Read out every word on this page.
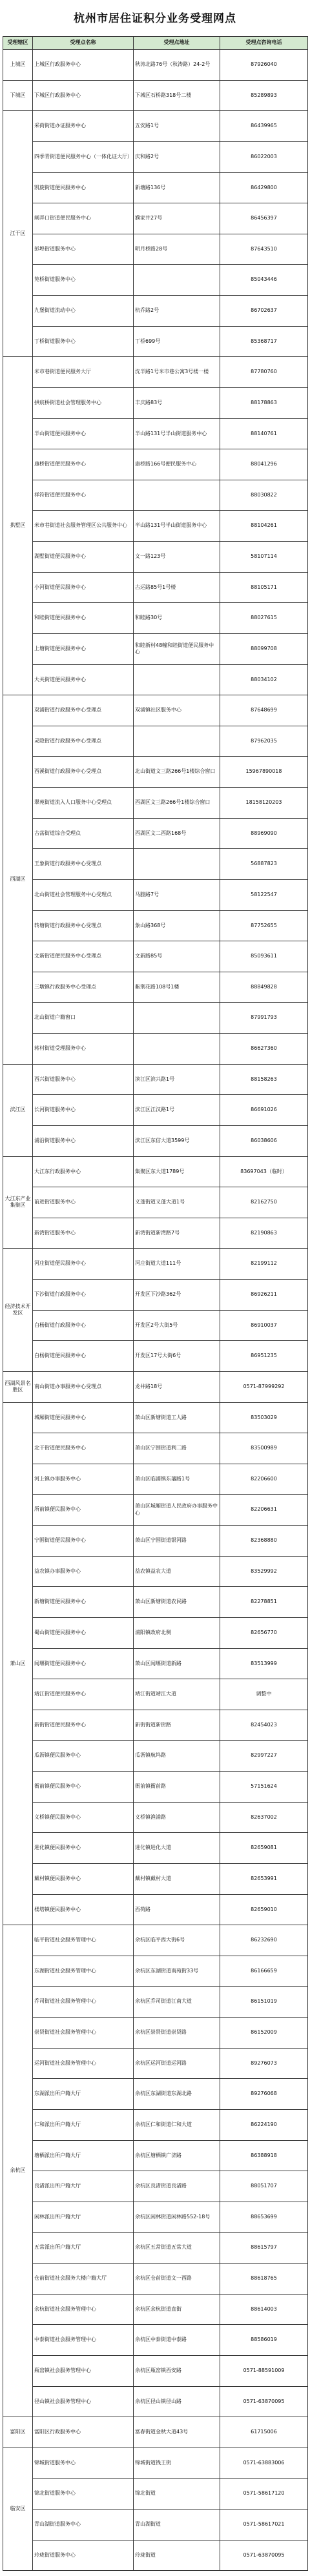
杭州市居住证积分业务受理网点
受理辖区	受理点名称	受理点地址	受理点咨询电话
上城区	上城区行政服务中心	秋涛北路76号（秋涛路）24-2号	87926040
下城区	下城区行政服务中心	下城区石桥路318号二楼	85289893
江干区	采荷街道办证服务中心	五安路1号	86439965
	四季青街道便民服务中心（一体化证大厅）	庆和路2号	86022003
	凯旋街道便民服务中心	新塘路136号	86429800
	闸弄口街道便民服务中心	濮家井27号	86456397
	彭埠街道服务中心	明月桥路28号	87643510
	笕桥街道服务中心		85043446
	九堡街道流动中心	杭乔路2号	86702637
	丁桥街道服务中心	丁桥699号	85368717
拱墅区	米市巷街道便民服务大厅	沈半路1号米市巷公寓3号楼一楼	87780760
	拱宸桥街道社会管理服务中心	丰庆路83号	88178863
	半山街道便民服务中心	半山路131号半山街道服务中心	88140761
	康桥街道便民服务中心	康桥路166号便民服务中心	88041296
	祥符街道便民服务中心		88030822
	米市巷街道社会服务管理区公共服务中心	半山路131号半山街道服务中心	88104261
	湖墅街道便民服务中心	文一路123号	58107114
	小河街道便民服务中心	古运路85号1号楼	88105171
	和睦街道便民服务中心	和睦路30号	88027615
	上塘街道便民服务中心	和睦新村48幢和睦街道便民服务中心	88099708
	大关街道便民服务中心		88034102
西湖区	双浦街道行政服务中心受理点	双浦镇社区服务中心	87648699
	灵隐街道行政服务中心受理点		87962035
	西溪街道行政服务中心受理点	北山街道文三路266号1楼综合窗口	15967890018
	翠苑街道流入人口服务中心受理点	西湖区文三路266号1楼综合窗口	18158120203
	古荡街道综合受理点	西湖区文二西路168号	88969090
	王象街道行政服务中心受理点		56887823
	北山街道社会管理服务中心受理点	马塍路7号	58122547
	转塘街道行政服务中心受理点	象山路368号	87752655
	文新街道便民服务中心受理点	文新路85号	85093611
	三墩镇行政服务中心受理点	紫荆花路108号1楼	88849828
	北山街道户籍窗口		87991793
	蒋村街道受理服务中心		86627360
滨江区	西兴街道服务中心	滨江区滨兴路1号	88158263
	长河街道服务中心	滨江区江汉路1号	86691026
	浦沿街道服务中心	滨江区东信大道3599号	86038606
大江东产业集聚区	大江东行政服务中心	集聚区东大道1789号	83697043（临时）
	前进街道服务中心	义蓬街道义蓬大道1号	82162750
	新湾街道服务中心	新湾街道新湾路7号	82190863
经济技术开发区	河庄街道便民服务中心	河庄街道大道111号	82199112
	下沙街道行政服务中心	开发区下沙路362号	86926211
	白杨街道行政服务中心	开发区2号大街5号	86910037
	白杨街道便民服务中心	开发区17号大街6号	86951235
西湖风景名胜区	南山街道办事服务中心受理点	龙井路18号	0571-87999292
萧山区	城厢街道便民服务中心	萧山区新塘街道工人路	83503029
	北干街道便民服务中心	萧山区宁围街道利二路	83500989
	河上镇办事服务中心	萧山区临浦镇东藩路1号	82206600
	所前镇便民服务中心	萧山区城厢街道人民政府办事服务中心	82206631
	宁围街道便民服务中心	萧山区宁围街道银河路	82368880
	益农镇办事服务中心	益农镇益农大道	83529992
	新塘街道便民服务中心	萧山区新塘街道农民路	82278851
	蜀山街道便民服务中心	浦阳镇政府北侧	82656770
	闻堰街道便民服务中心	萧山区闻堰街道新路	83513999
	靖江街道便民服务中心	靖江街道靖江大道	调整中
	新街街道便民服务中心	新街街道新街路	82454023
	瓜沥镇便民服务中心	瓜沥镇航坞路	82997227
	衙前镇便民服务中心	衙前镇衙前路	57151624
	义桥镇便民服务中心	义桥镇渔浦路	82637002
	进化镇便民服务中心	进化镇进化大道	82659081
	戴村镇便民服务中心	戴村镇戴村大道	82653991
	楼塔镇便民服务中心	西荷路	82659010
余杭区	临平街道社会服务管理中心	余杭区临平西大街6号	86232690
	东湖街道社会服务管理中心	余杭区东湖街道南苑街33号	86166659
	乔司街道社会服务管理中心	余杭区乔司街道江南大道	86151019
	崇贤街道社会服务管理中心	余杭区崇贤街道崇贤路	86152009
	运河街道社会服务管理中心	余杭区运河街道运河路	89276073
	东湖派出所户籍大厅	余杭区东湖街道东湖北路	89276068
	仁和派出所户籍大厅	余杭区仁和街道仁和大道	86224190
	塘栖派出所户籍大厅	余杭区塘栖镇广济路	86388918
	良渚派出所户籍大厅	余杭区良渚街道良渚路	88051707
	闲林派出所户籍大厅	余杭区闲林街道闲林路552-18号	88653699
	五常派出所户籍大厅	余杭区五常街道五常大道	88615797
	仓前街道社会服务大楼户籍大厅	余杭区仓前街道文一西路	88618765
	余杭街道社会服务管理中心	余杭区余杭街道直街	88614003
	中泰街道社会服务管理中心	余杭区中泰街道中泰路	88586019
	瓶窑镇社会服务管理中心	余杭区瓶窑镇西安路	0571-88591009
	径山镇社会服务管理中心	余杭区径山镇径山路	0571-63870095
富阳区	富阳区行政服务中心	富春街道金秋大道43号	61715006
临安区	锦城街道服务中心	锦城街道钱王街	0571-63883006
	锦北街道服务中心	锦北街道	0571-58617120
	青山湖街道服务中心	青山湖街道	0571-58617021
	玲珑街道服务中心	玲珑街道	0571-63870095
